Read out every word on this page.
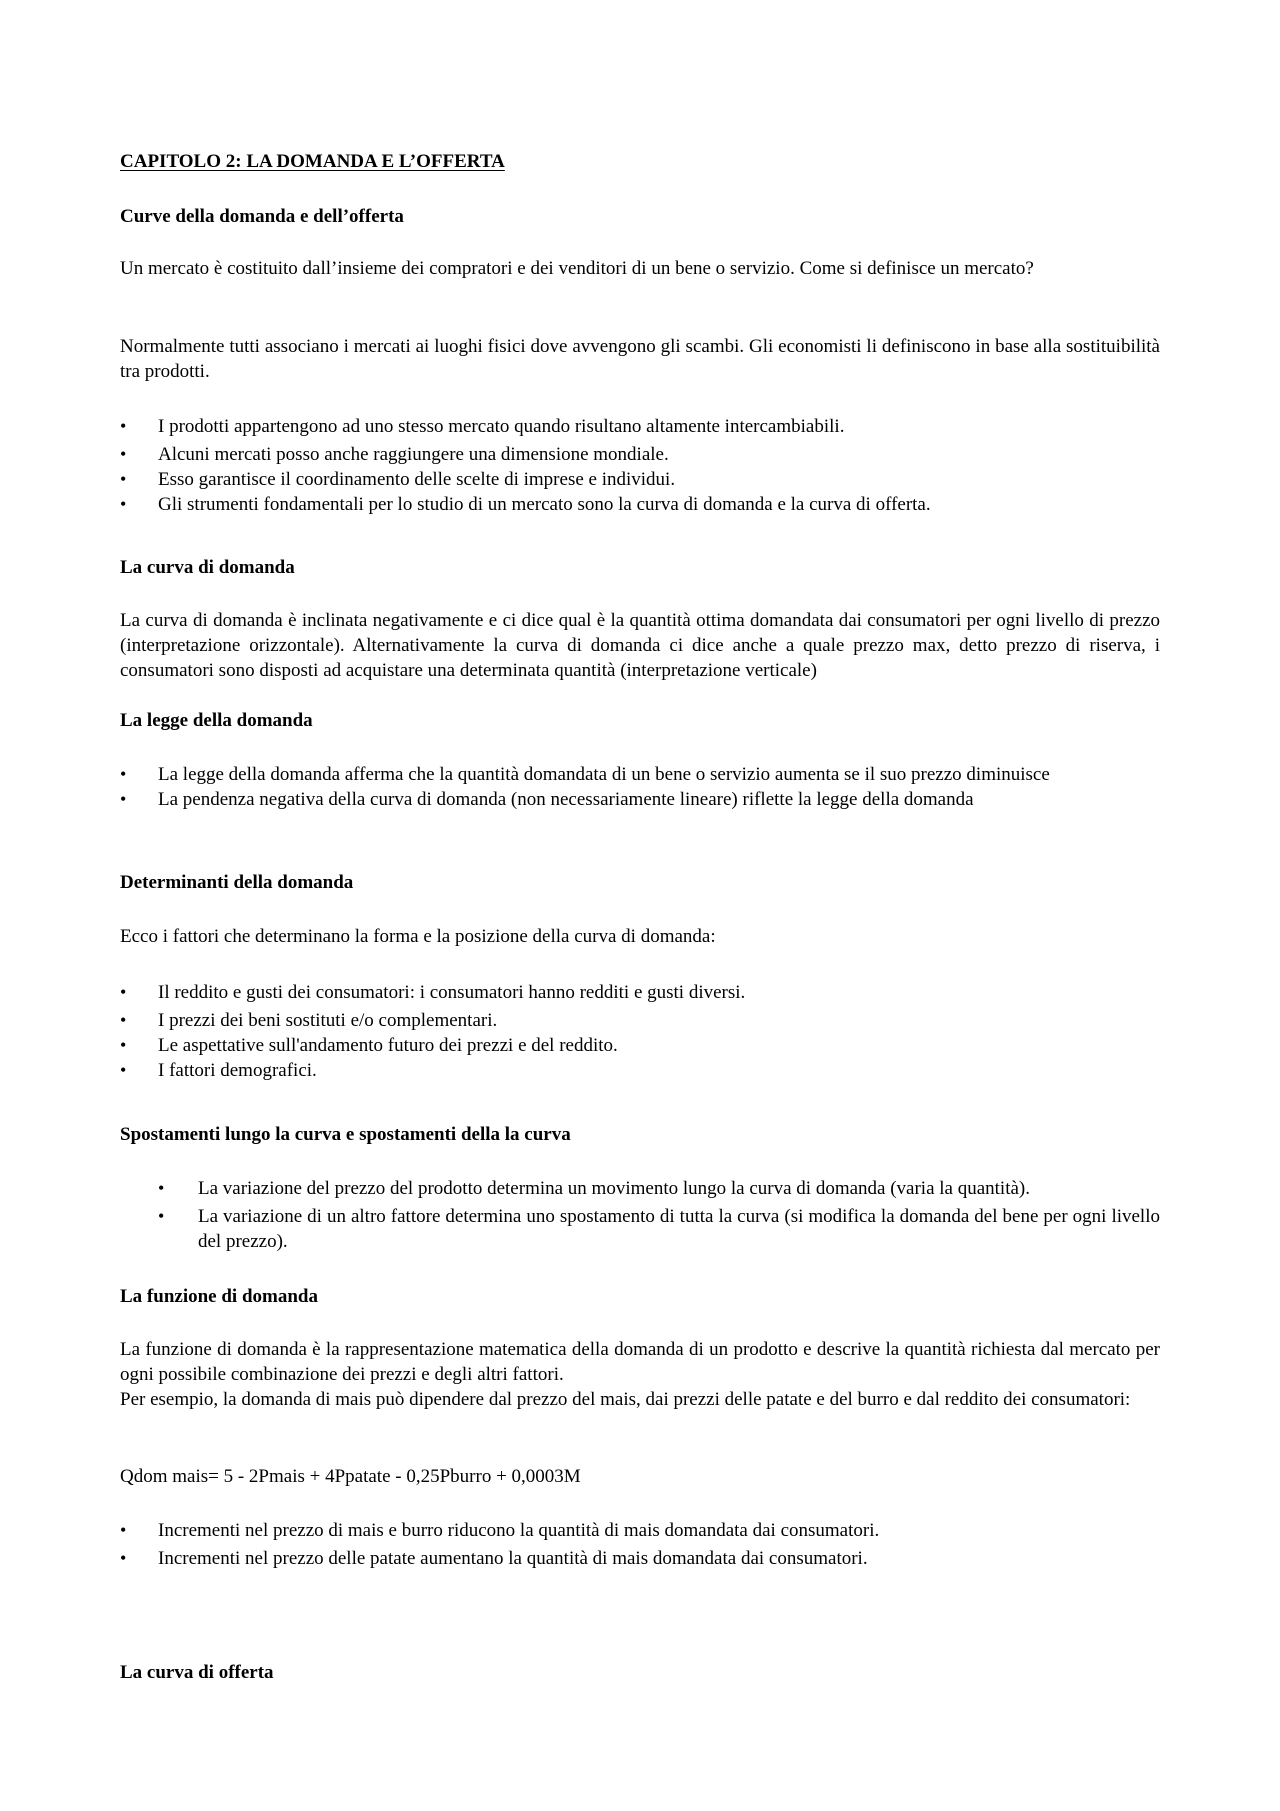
CAPITOLO 2: LA DOMANDA E L’OFFERTA

Curve della domanda e dell’offerta

Un mercato è costituito dall’insieme dei compratori e dei venditori di un bene o servizio. Come si definisce un mercato?

Normalmente tutti associano i mercati ai luoghi fisici dove avvengono gli scambi. Gli economisti li definiscono in base alla sostituibilità tra prodotti.

• I prodotti appartengono ad uno stesso mercato quando risultano altamente intercambiabili.
• Alcuni mercati posso anche raggiungere una dimensione mondiale.
• Esso garantisce il coordinamento delle scelte di imprese e individui.
• Gli strumenti fondamentali per lo studio di un mercato sono la curva di domanda e la curva di offerta.

La curva di domanda

La curva di domanda è inclinata negativamente e ci dice qual è la quantità ottima domandata dai consumatori per ogni livello di prezzo (interpretazione orizzontale). Alternativamente la curva di domanda ci dice anche a quale prezzo max, detto prezzo di riserva, i consumatori sono disposti ad acquistare una determinata quantità (interpretazione verticale)

La legge della domanda

• La legge della domanda afferma che la quantità domandata di un bene o servizio aumenta se il suo prezzo diminuisce
• La pendenza negativa della curva di domanda (non necessariamente lineare) riflette la legge della domanda

Determinanti della domanda

Ecco i fattori che determinano la forma e la posizione della curva di domanda:

• Il reddito e gusti dei consumatori: i consumatori hanno redditi e gusti diversi.
• I prezzi dei beni sostituti e/o complementari.
• Le aspettative sull'andamento futuro dei prezzi e del reddito.
• I fattori demografici.

Spostamenti lungo la curva e spostamenti della la curva

• La variazione del prezzo del prodotto determina un movimento lungo la curva di domanda (varia la quantità).
• La variazione di un altro fattore determina uno spostamento di tutta la curva (si modifica la domanda del bene per ogni livello del prezzo).

La funzione di domanda

La funzione di domanda è la rappresentazione matematica della domanda di un prodotto e descrive la quantità richiesta dal mercato per ogni possibile combinazione dei prezzi e degli altri fattori.

Per esempio, la domanda di mais può dipendere dal prezzo del mais, dai prezzi delle patate e del burro e dal reddito dei consumatori:

Qdom mais= 5 - 2Pmais + 4Ppatate - 0,25Pburro + 0,0003M

• Incrementi nel prezzo di mais e burro riducono la quantità di mais domandata dai consumatori.
• Incrementi nel prezzo delle patate aumentano la quantità di mais domandata dai consumatori.

La curva di offerta
